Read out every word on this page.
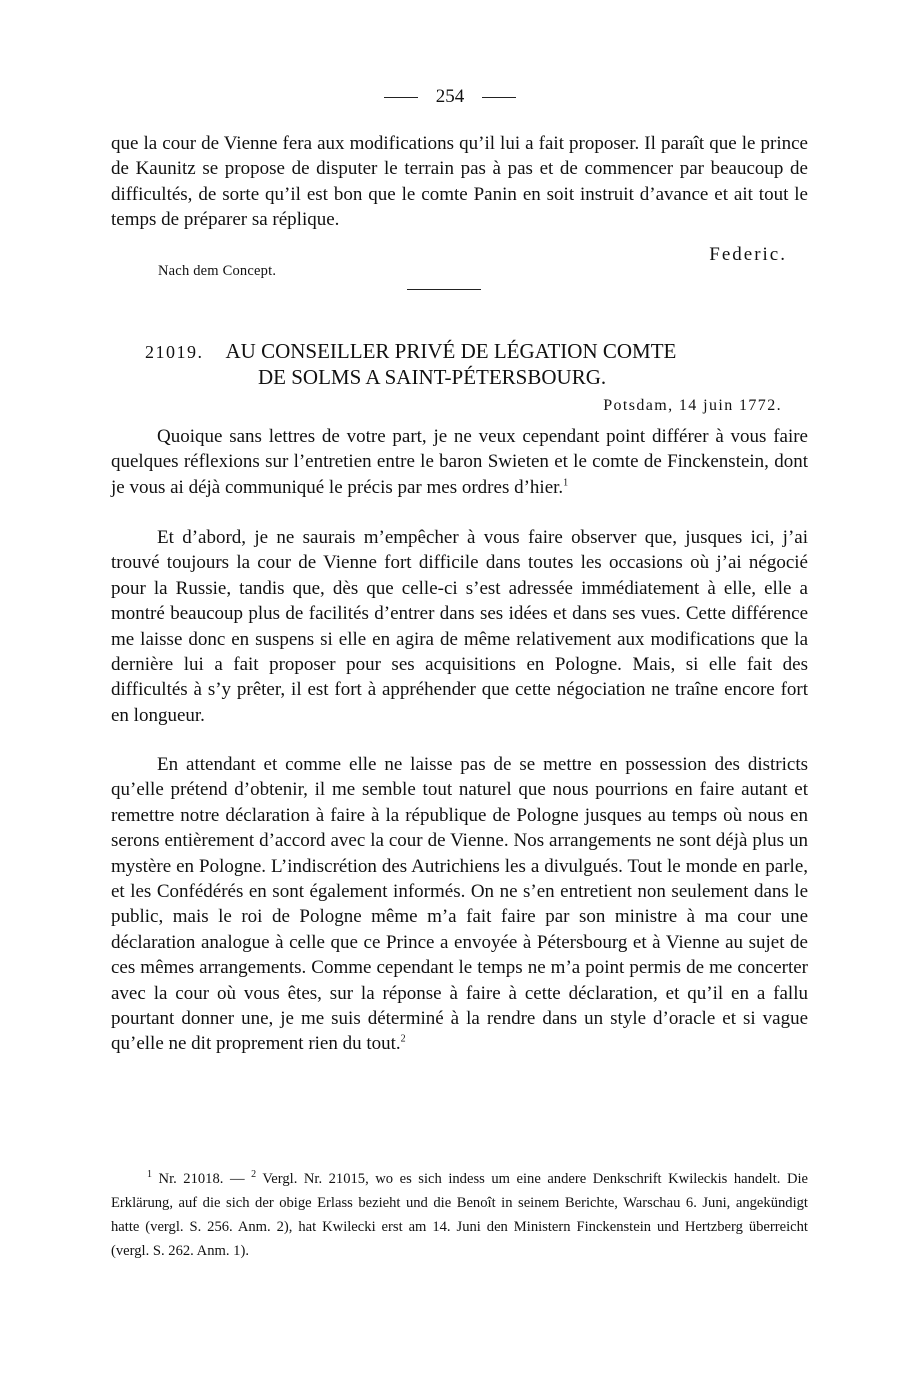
254

que la cour de Vienne fera aux modifications qu’il lui a fait proposer. Il paraît que le prince de Kaunitz se propose de disputer le terrain pas à pas et de commencer par beaucoup de difficultés, de sorte qu’il est bon que le comte Panin en soit instruit d’avance et ait tout le temps de préparer sa réplique.

Federic.
Nach dem Concept.
21019. AU CONSEILLER PRIVÉ DE LÉGATION COMTE
DE SOLMS A SAINT-PÉTERSBOURG.
Potsdam, 14 juin 1772.

Quoique sans lettres de votre part, je ne veux cependant point différer à vous faire quelques réflexions sur l’entretien entre le baron Swieten et le comte de Finckenstein, dont je vous ai déjà communiqué le précis par mes ordres d’hier.$^1$

Et d’abord, je ne saurais m’empêcher à vous faire observer que, jusques ici, j’ai trouvé toujours la cour de Vienne fort difficile dans toutes les occasions où j’ai négocié pour la Russie, tandis que, dès que celle-ci s’est adressée immédiatement à elle, elle a montré beaucoup plus de facilités d’entrer dans ses idées et dans ses vues. Cette différence me laisse donc en suspens si elle en agira de même relativement aux modifications que la dernière lui a fait proposer pour ses acquisitions en Pologne. Mais, si elle fait des difficultés à s’y prêter, il est fort à appréhender que cette négociation ne traîne encore fort en longueur.

En attendant et comme elle ne laisse pas de se mettre en possession des districts qu’elle prétend d’obtenir, il me semble tout naturel que nous pourrions en faire autant et remettre notre déclaration à faire à la république de Pologne jusques au temps où nous en serons entièrement d’accord avec la cour de Vienne. Nos arrangements ne sont déjà plus un mystère en Pologne. L’indiscrétion des Autrichiens les a divulgués. Tout le monde en parle, et les Confédérés en sont également informés. On ne s’en entretient non seulement dans le public, mais le roi de Pologne même m’a fait faire par son ministre à ma cour une déclaration analogue à celle que ce Prince a envoyée à Pétersbourg et à Vienne au sujet de ces mêmes arrangements. Comme cependant le temps ne m’a point permis de me concerter avec la cour où vous êtes, sur la réponse à faire à cette déclaration, et qu’il en a fallu pourtant donner une, je me suis déterminé à la rendre dans un style d’oracle et si vague qu’elle ne dit proprement rien du tout.$^2$

$^1$ Nr. 21018. — $^2$ Vergl. Nr. 21015, wo es sich indess um eine andere Denkschrift Kwileckis handelt. Die Erklärung, auf die sich der obige Erlass bezieht und die Benoît in seinem Berichte, Warschau 6. Juni, angekündigt hatte (vergl. S. 256. Anm. 2), hat Kwilecki erst am 14. Juni den Ministern Finckenstein und Hertzberg überreicht (vergl. S. 262. Anm. 1).
